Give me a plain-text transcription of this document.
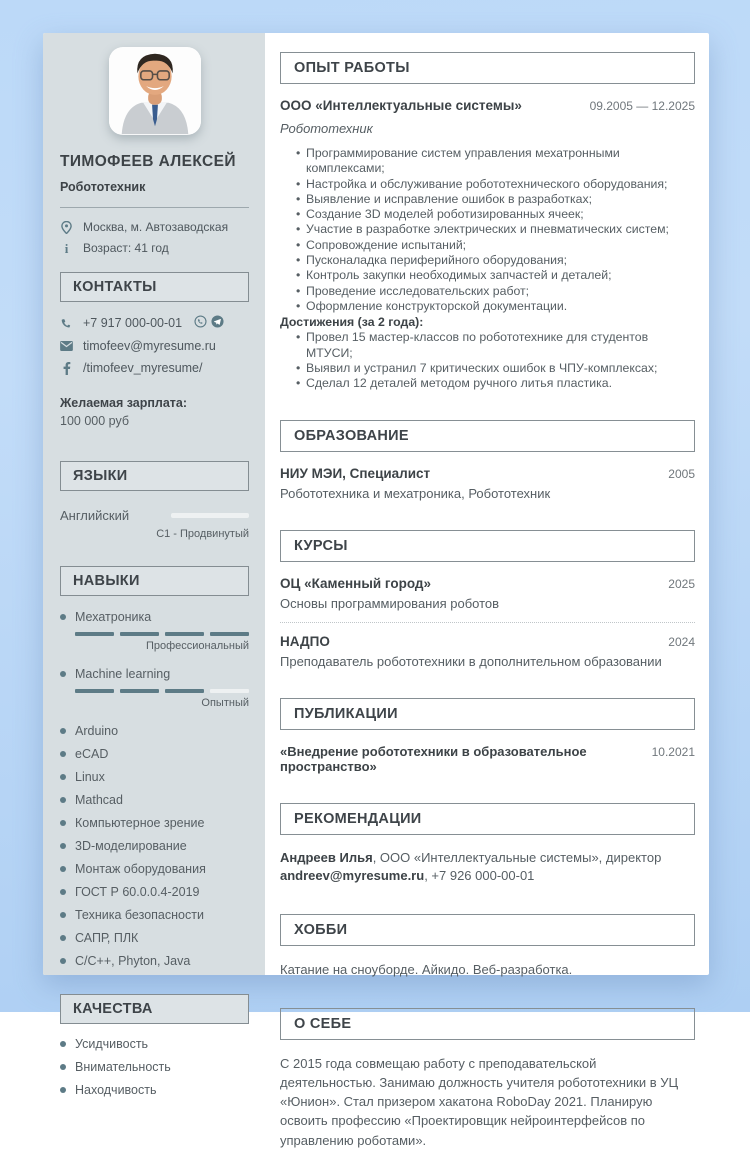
ТИМОФЕЕВ АЛЕКСЕЙ
Робототехник
Москва, м. Автозаводская
i Возраст: 41 год
КОНТАКТЫ
+7 917 000-00-01
timofeev@myresume.ru
/timofeev_myresume/
Желаемая зарплата:
100 000 руб
ЯЗЫКИ
Английский
C1 - Продвинутый
НАВЫКИ
Мехатроника
Профессиональный
Machine learning
Опытный
Arduino
eCAD
Linux
Mathcad
Компьютерное зрение
3D-моделирование
Монтаж оборудования
ГОСТ Р 60.0.0.4-2019
Техника безопасности
САПР, ПЛК
C/C++, Phyton, Java
КАЧЕСТВА
Усидчивость
Внимательность
Находчивость
ОПЫТ РАБОТЫ
ООО «Интеллектуальные системы»	09.2005 — 12.2025
Робототехник
• Программирование систем управления мехатронными комплексами;
• Настройка и обслуживание робототехнического оборудования;
• Выявление и исправление ошибок в разработках;
• Создание 3D моделей роботизированных ячеек;
• Участие в разработке электрических и пневматических систем;
• Сопровождение испытаний;
• Пусконаладка периферийного оборудования;
• Контроль закупки необходимых запчастей и деталей;
• Проведение исследовательских работ;
• Оформление конструкторской документации.
Достижения (за 2 года):
• Провел 15 мастер-классов по робототехнике для студентов МТУСИ;
• Выявил и устранил 7 критических ошибок в ЧПУ-комплексах;
• Сделал 12 деталей методом ручного литья пластика.
ОБРАЗОВАНИЕ
НИУ МЭИ, Специалист	2005
Робототехника и мехатроника, Робототехник
КУРСЫ
ОЦ «Каменный город»	2025
Основы программирования роботов
НАДПО	2024
Преподаватель робототехники в дополнительном образовании
ПУБЛИКАЦИИ
«Внедрение робототехники в образовательное пространство»
10.2021
РЕКОМЕНДАЦИИ
Андреев Илья, ООО «Интеллектуальные системы», директор
andreev@myresume.ru, +7 926 000-00-01
ХОББИ
Катание на сноуборде. Айкидо. Веб-разработка.
О СЕБЕ
С 2015 года совмещаю работу с преподавательской деятельностью. Занимаю должность учителя робототехники в УЦ «Юнион». Стал призером хакатона RoboDay 2021. Планирую освоить профессию «Проектировщик нейроинтерфейсов по управлению роботами».
